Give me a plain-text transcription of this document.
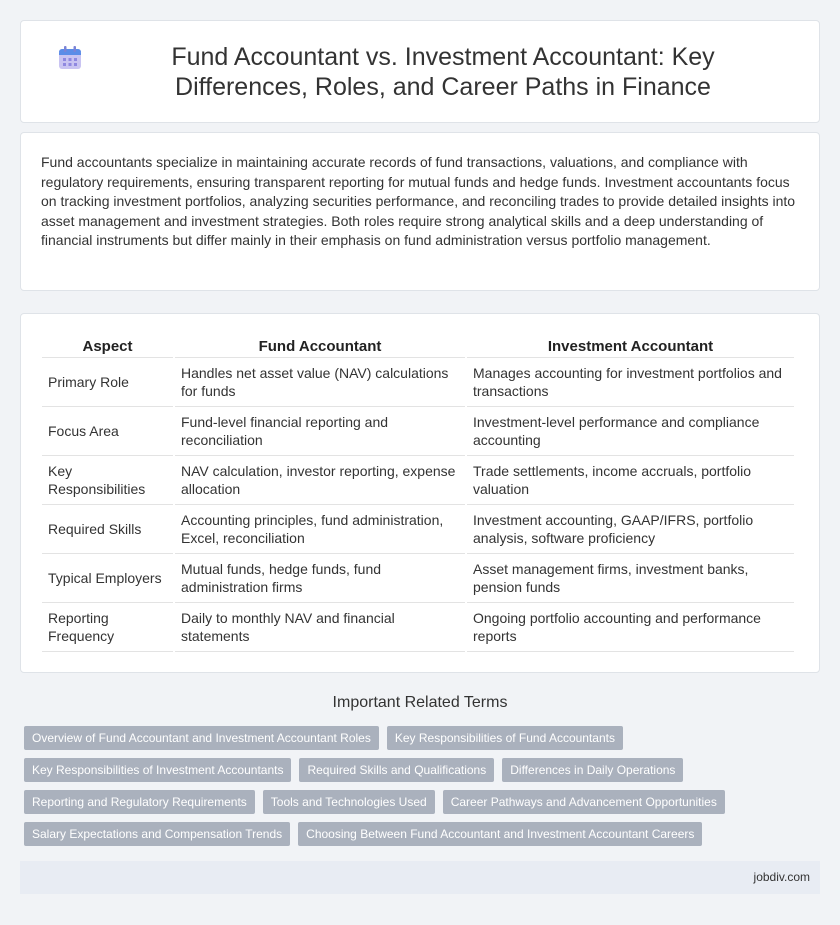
Fund Accountant vs. Investment Accountant: Key Differences, Roles, and Career Paths in Finance

Fund accountants specialize in maintaining accurate records of fund transactions, valuations, and compliance with regulatory requirements, ensuring transparent reporting for mutual funds and hedge funds. Investment accountants focus on tracking investment portfolios, analyzing securities performance, and reconciling trades to provide detailed insights into asset management and investment strategies. Both roles require strong analytical skills and a deep understanding of financial instruments but differ mainly in their emphasis on fund administration versus portfolio management.

Aspect	Fund Accountant	Investment Accountant
Primary Role	Handles net asset value (NAV) calculations for funds	Manages accounting for investment portfolios and transactions
Focus Area	Fund-level financial reporting and reconciliation	Investment-level performance and compliance accounting
Key Responsibilities	NAV calculation, investor reporting, expense allocation	Trade settlements, income accruals, portfolio valuation
Required Skills	Accounting principles, fund administration, Excel, reconciliation	Investment accounting, GAAP/IFRS, portfolio analysis, software proficiency
Typical Employers	Mutual funds, hedge funds, fund administration firms	Asset management firms, investment banks, pension funds
Reporting Frequency	Daily to monthly NAV and financial statements	Ongoing portfolio accounting and performance reports
Important Related Terms
Overview of Fund Accountant and Investment Accountant Roles	Key Responsibilities of Fund Accountants
Key Responsibilities of Investment Accountants	Required Skills and Qualifications	Differences in Daily Operations
Reporting and Regulatory Requirements	Tools and Technologies Used	Career Pathways and Advancement Opportunities
Salary Expectations and Compensation Trends	Choosing Between Fund Accountant and Investment Accountant Careers
jobdiv.com
